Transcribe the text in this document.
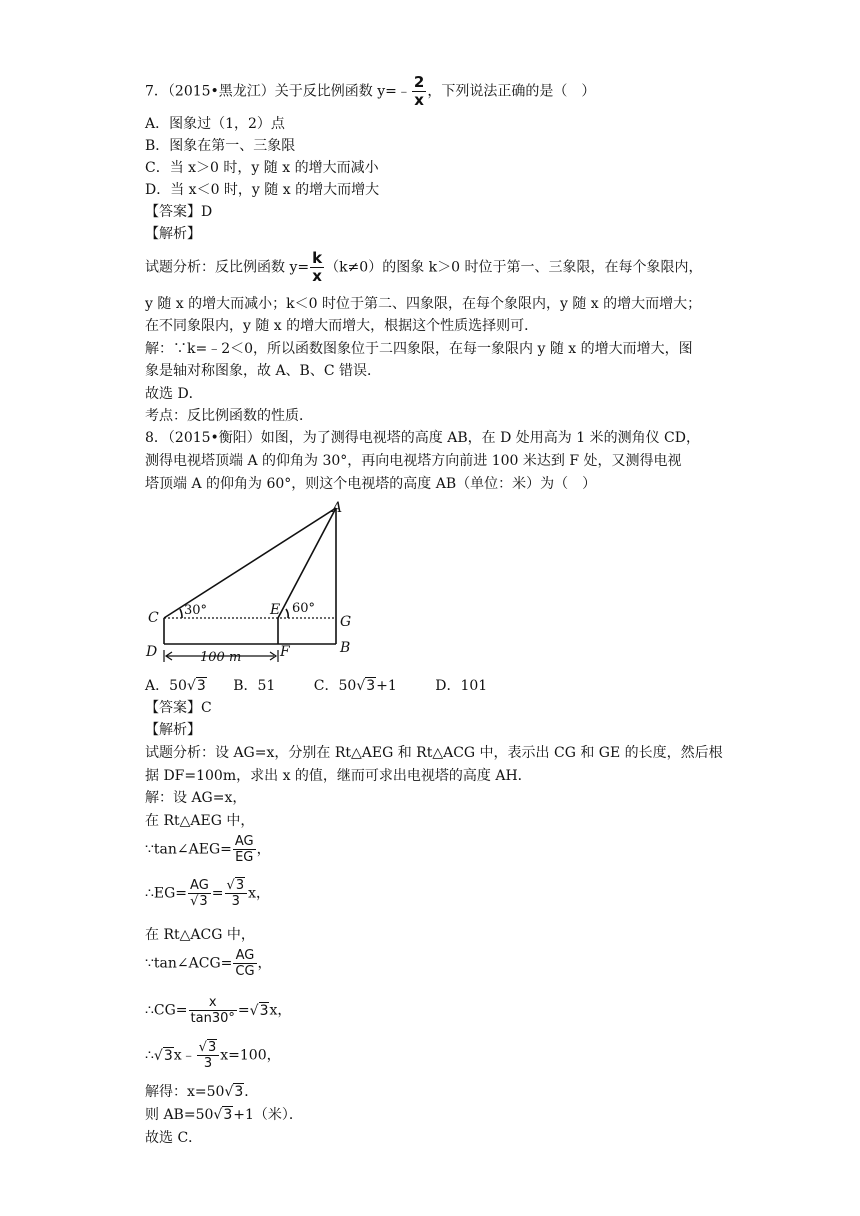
7．（2015•黑龙江）关于反比例函数 y=﹣ $\frac{2}{x}$ ，下列说法正确的是（　）
A．图象过（1，2）点
B．图象在第一、三象限
C．当 x＞0 时，y 随 x 的增大而减小
D．当 x＜0 时，y 随 x 的增大而增大
【答案】D
【解析】
试题分析：反比例函数 $y= \frac{k}{x} (k\ne 0)$的图象 k＞0 时位于第一、三象限，在每个象限内，
y 随 x 的增大而减小；k＜0 时位于第二、四象限，在每个象限内，y 随 x 的增大而增大；
在不同象限内，y 随 x 的增大而增大，根据这个性质选择则可．
解：∵k=﹣2＜0，所以函数图象位于二四象限，在每一象限内 y 随 x 的增大而增大，图
象是轴对称图象，故 A、B、C 错误．
故选 D．
考点：反比例函数的性质．
8．（2015•衡阳）如图，为了测得电视塔的高度 AB，在 D 处用高为 1 米的测角仪 CD，
测得电视塔顶端 A 的仰角为 30°，再向电视塔方向前进 100 米达到 F 处，又测得电视
塔顶端 A 的仰角为 60°，则这个电视塔的高度 AB（单位：米）为（　）
A
C
D
E
F
G
B
30°	60°
100 m
A．50√3 B．51	C．50√3+1	D．101
【答案】C
【解析】
试题分析：设 AG=x，分别在 Rt△AEG 和 Rt△ACG 中，表示出 CG 和 GE 的长度，然后根
据 DF=100m，求出 x 的值，继而可求出电视塔的高度 AH．
解：设 AG=x，
在 Rt△AEG 中，
∵tan∠AEG= $\frac{AG}{EG}$ ，
∴EG= $\frac{AG}{√3} = \frac{√3}{3}$ x，
在 Rt△ACG 中，
∵tan∠ACG= $\frac{AG}{CG}$ ，
∴CG= $\frac{x}{\tan 30^\circ} =√3x$，
∴√3x﹣ $\frac{√3}{3} x=100$，
解得：x=50√3．
则 AB=50√3+1（米）．
故选 C．
